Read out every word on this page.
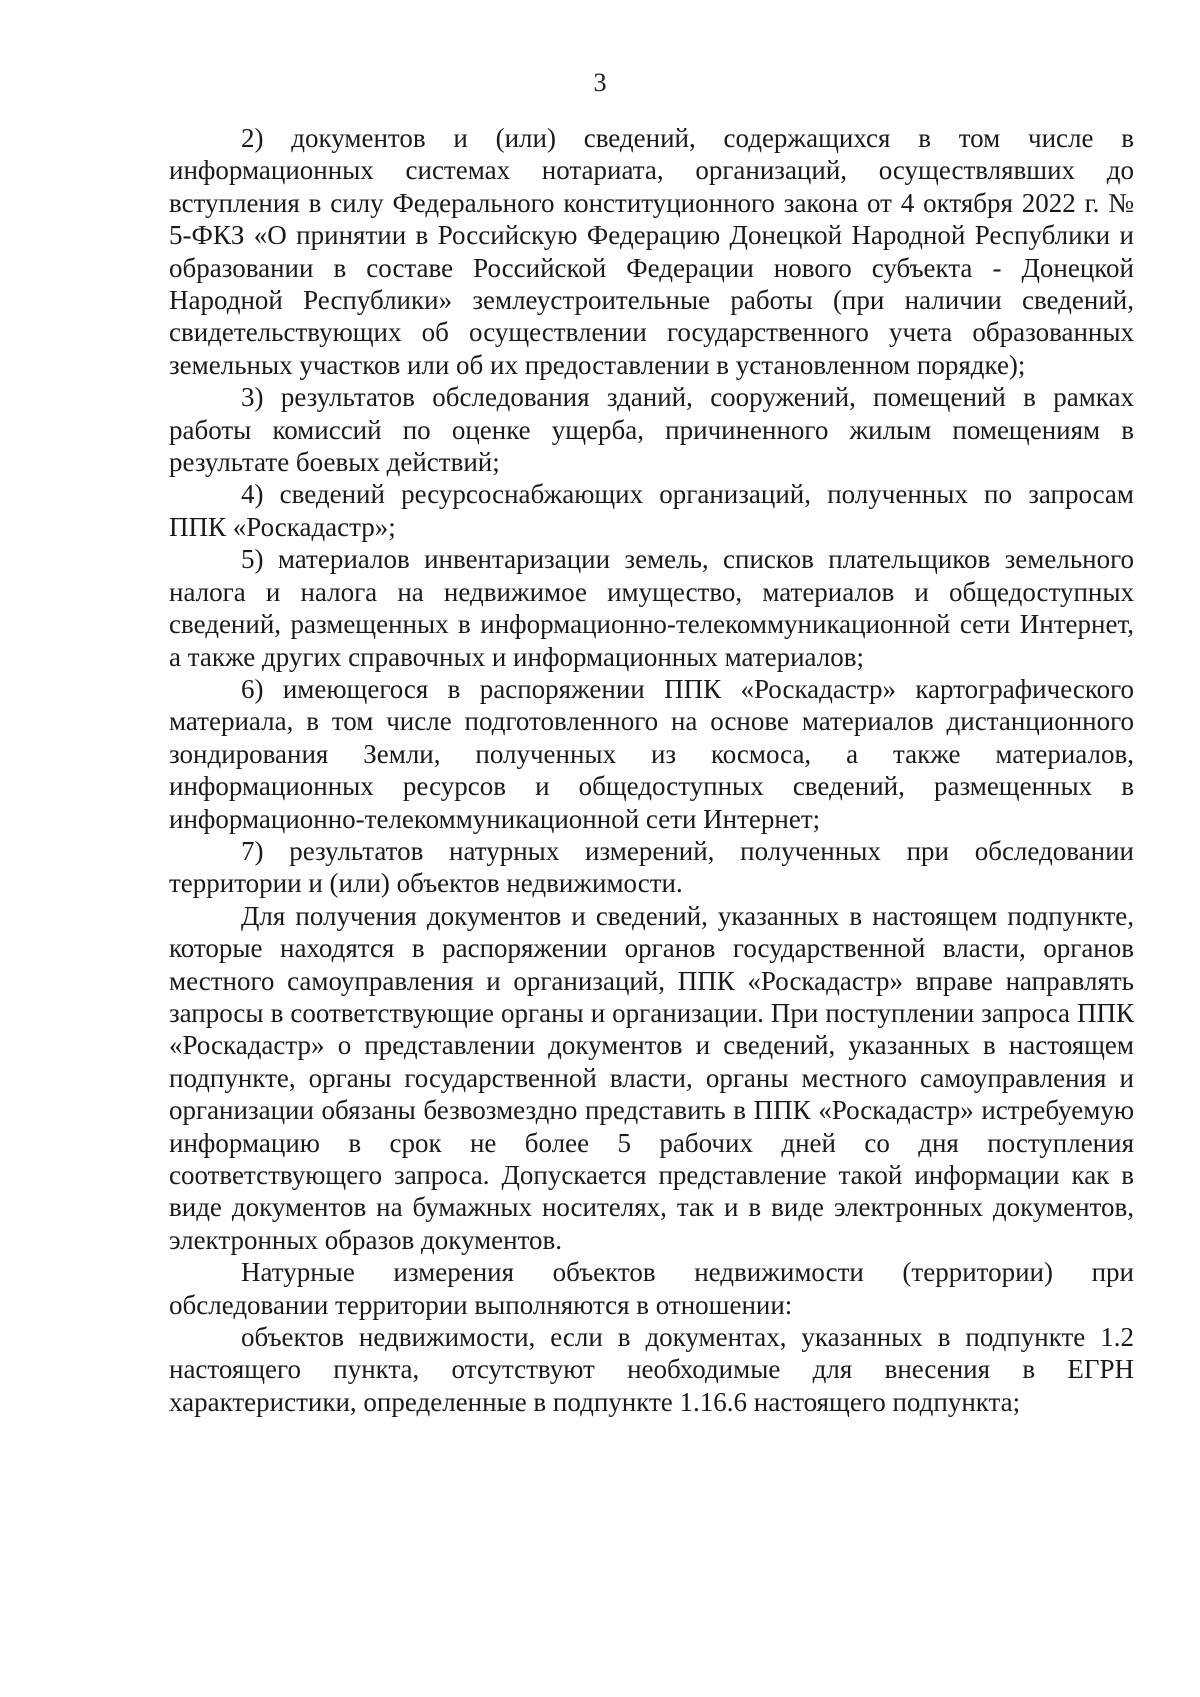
3

2) документов и (или) сведений, содержащихся в том числе в информационных системах нотариата, организаций, осуществлявших до вступления в силу Федерального конституционного закона от 4 октября 2022 г. № 5-ФКЗ «О принятии в Российскую Федерацию Донецкой Народной Республики и образовании в составе Российской Федерации нового субъекта - Донецкой Народной Республики» землеустроительные работы (при наличии сведений, свидетельствующих об осуществлении государственного учета образованных земельных участков или об их предоставлении в установленном порядке);

3) результатов обследования зданий, сооружений, помещений в рамках работы комиссий по оценке ущерба, причиненного жилым помещениям в результате боевых действий;

4) сведений ресурсоснабжающих организаций, полученных по запросам ППК «Роскадастр»;

5) материалов инвентаризации земель, списков плательщиков земельного налога и налога на недвижимое имущество, материалов и общедоступных сведений, размещенных в информационно-телекоммуникационной сети Интернет, а также других справочных и информационных материалов;

6) имеющегося в распоряжении ППК «Роскадастр» картографического материала, в том числе подготовленного на основе материалов дистанционного зондирования Земли, полученных из космоса, а также материалов, информационных ресурсов и общедоступных сведений, размещенных в информационно-телекоммуникационной сети Интернет;

7) результатов натурных измерений, полученных при обследовании территории и (или) объектов недвижимости.

Для получения документов и сведений, указанных в настоящем подпункте, которые находятся в распоряжении органов государственной власти, органов местного самоуправления и организаций, ППК «Роскадастр» вправе направлять запросы в соответствующие органы и организации. При поступлении запроса ППК «Роскадастр» о представлении документов и сведений, указанных в настоящем подпункте, органы государственной власти, органы местного самоуправления и организации обязаны безвозмездно представить в ППК «Роскадастр» истребуемую информацию в срок не более 5 рабочих дней со дня поступления соответствующего запроса. Допускается представление такой информации как в виде документов на бумажных носителях, так и в виде электронных документов, электронных образов документов.

Натурные измерения объектов недвижимости (территории) при обследовании территории выполняются в отношении:

объектов недвижимости, если в документах, указанных в подпункте 1.2 настоящего пункта, отсутствуют необходимые для внесения в ЕГРН характеристики, определенные в подпункте 1.16.6 настоящего подпункта;
